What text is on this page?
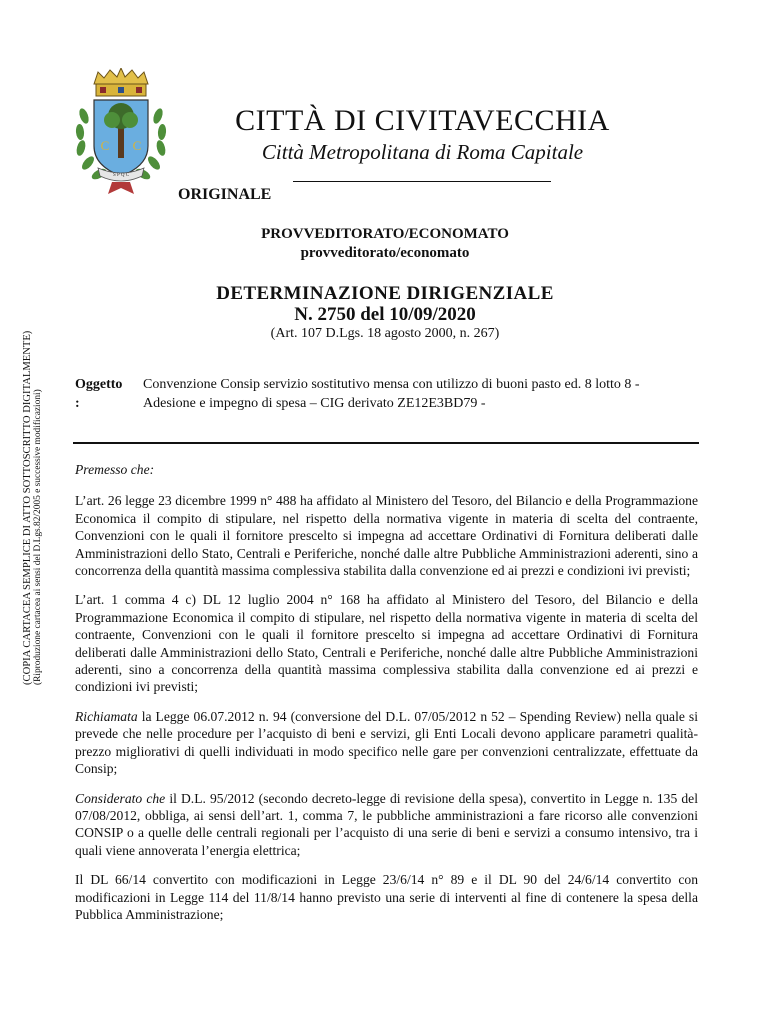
C C
S P Q C
CITTÀ DI CIVITAVECCHIA
Città Metropolitana di Roma Capitale
ORIGINALE
PROVVEDITORATO/ECONOMATO
provveditorato/economato
DETERMINAZIONE DIRIGENZIALE
N. 2750 del 10/09/2020
(Art. 107 D.Lgs. 18 agosto 2000, n. 267)
(COPIA CARTACEA SEMPLICE DI ATTO SOTTOSCRITTO DIGITALMENTE) (Riproduzione cartacea ai sensi del D.Lgs.82/2005 e successive modificazioni)
Oggetto
:
Convenzione Consip servizio sostitutivo mensa con utilizzo di buoni pasto ed. 8 lotto 8 - Adesione e impegno di spesa – CIG derivato ZE12E3BD79 -

Premesso che:

L’art. 26 legge 23 dicembre 1999 n° 488 ha affidato al Ministero del Tesoro, del Bilancio e della Programmazione Economica il compito di stipulare, nel rispetto della normativa vigente in materia di scelta del contraente, Convenzioni con le quali il fornitore prescelto si impegna ad accettare Ordinativi di Fornitura deliberati dalle Amministrazioni dello Stato, Centrali e Periferiche, nonché dalle altre Pubbliche Amministrazioni aderenti, sino a concorrenza della quantità massima complessiva stabilita dalla convenzione ed ai prezzi e condizioni ivi previsti;

L’art. 1 comma 4 c) DL 12 luglio 2004 n° 168 ha affidato al Ministero del Tesoro, del Bilancio e della Programmazione Economica il compito di stipulare, nel rispetto della normativa vigente in materia di scelta del contraente, Convenzioni con le quali il fornitore prescelto si impegna ad accettare Ordinativi di Fornitura deliberati dalle Amministrazioni dello Stato, Centrali e Periferiche, nonché dalle altre Pubbliche Amministrazioni aderenti, sino a concorrenza della quantità massima complessiva stabilita dalla convenzione ed ai prezzi e condizioni ivi previsti;

Richiamata la Legge 06.07.2012 n. 94 (conversione del D.L. 07/05/2012 n 52 – Spending Review) nella quale si prevede che nelle procedure per l’acquisto di beni e servizi, gli Enti Locali devono applicare parametri qualità-prezzo migliorativi di quelli individuati in modo specifico nelle gare per convenzioni centralizzate, effettuate da Consip;

Considerato che il D.L. 95/2012 (secondo decreto-legge di revisione della spesa), convertito in Legge n. 135 del 07/08/2012, obbliga, ai sensi dell’art. 1, comma 7, le pubbliche amministrazioni a fare ricorso alle convenzioni CONSIP o a quelle delle centrali regionali per l’acquisto di una serie di beni e servizi a consumo intensivo, tra i quali viene annoverata l’energia elettrica;

Il DL 66/14 convertito con modificazioni in Legge 23/6/14 n° 89 e il DL 90 del 24/6/14 convertito con modificazioni in Legge 114 del 11/8/14 hanno previsto una serie di interventi al fine di contenere la spesa della Pubblica Amministrazione;
